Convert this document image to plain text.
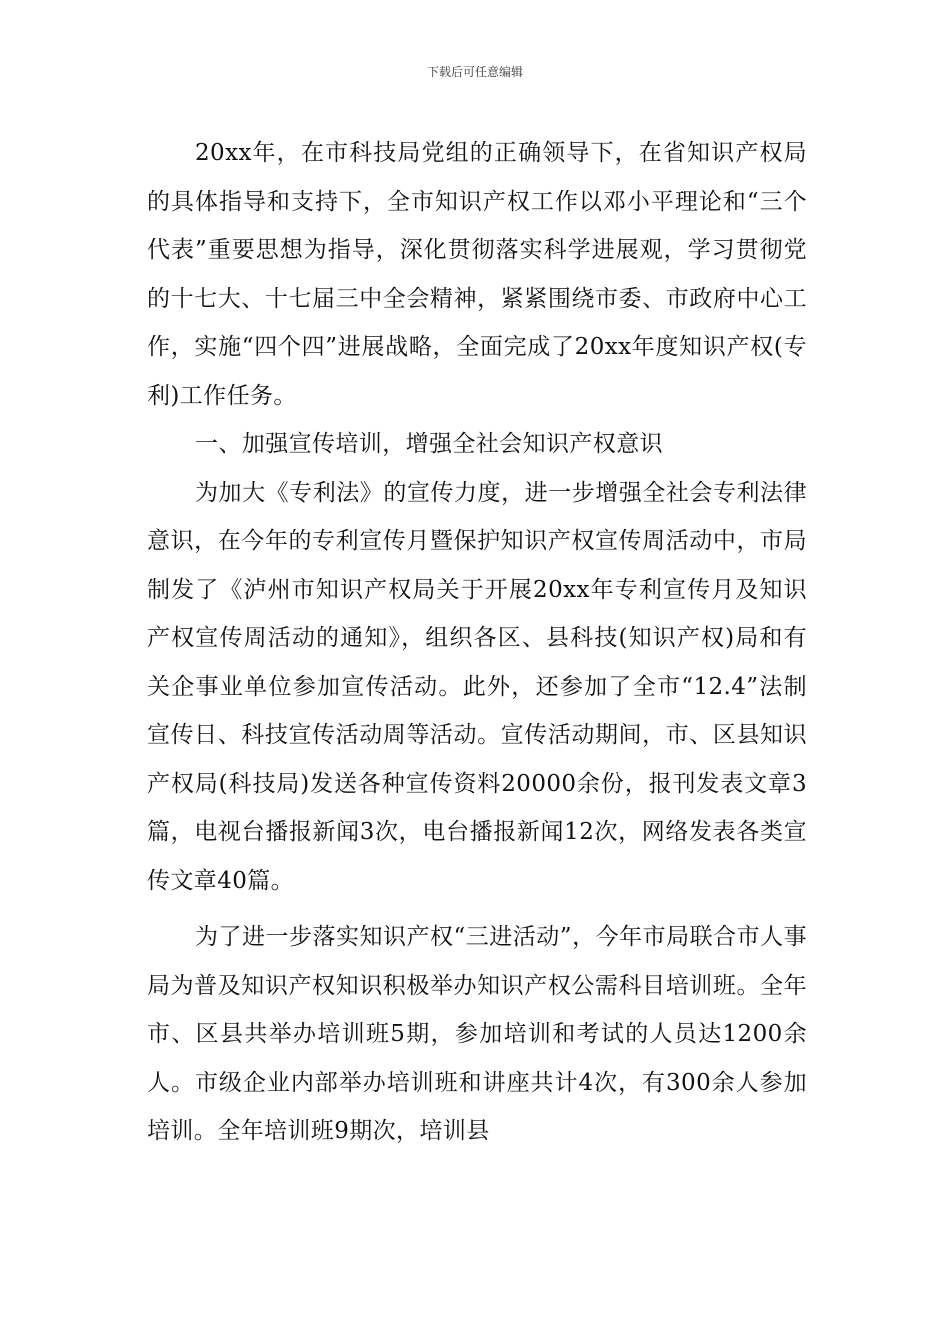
下载后可任意编辑

20xx年，在市科技局党组的正确领导下，在省知识产权局的具体指导和支持下，全市知识产权工作以邓小平理论和“三个代表”重要思想为指导，深化贯彻落实科学进展观，学习贯彻党的十七大、十七届三中全会精神，紧紧围绕市委、市政府中心工作，实施“四个四”进展战略，全面完成了20xx年度知识产权(专利)工作任务。

一、加强宣传培训，增强全社会知识产权意识

为加大《专利法》的宣传力度，进一步增强全社会专利法律意识，在今年的专利宣传月暨保护知识产权宣传周活动中，市局制发了《泸州市知识产权局关于开展20xx年专利宣传月及知识产权宣传周活动的通知》，组织各区、县科技(知识产权)局和有关企事业单位参加宣传活动。此外，还参加了全市“12.4”法制宣传日、科技宣传活动周等活动。宣传活动期间，市、区县知识产权局(科技局)发送各种宣传资料20000余份，报刊发表文章3篇，电视台播报新闻3次，电台播报新闻12次，网络发表各类宣传文章40篇。

为了进一步落实知识产权“三进活动”，今年市局联合市人事局为普及知识产权知识积极举办知识产权公需科目培训班。全年市、区县共举办培训班5期，参加培训和考试的人员达1200余人。市级企业内部举办培训班和讲座共计4次，有300余人参加培训。全年培训班9期次，培训县
